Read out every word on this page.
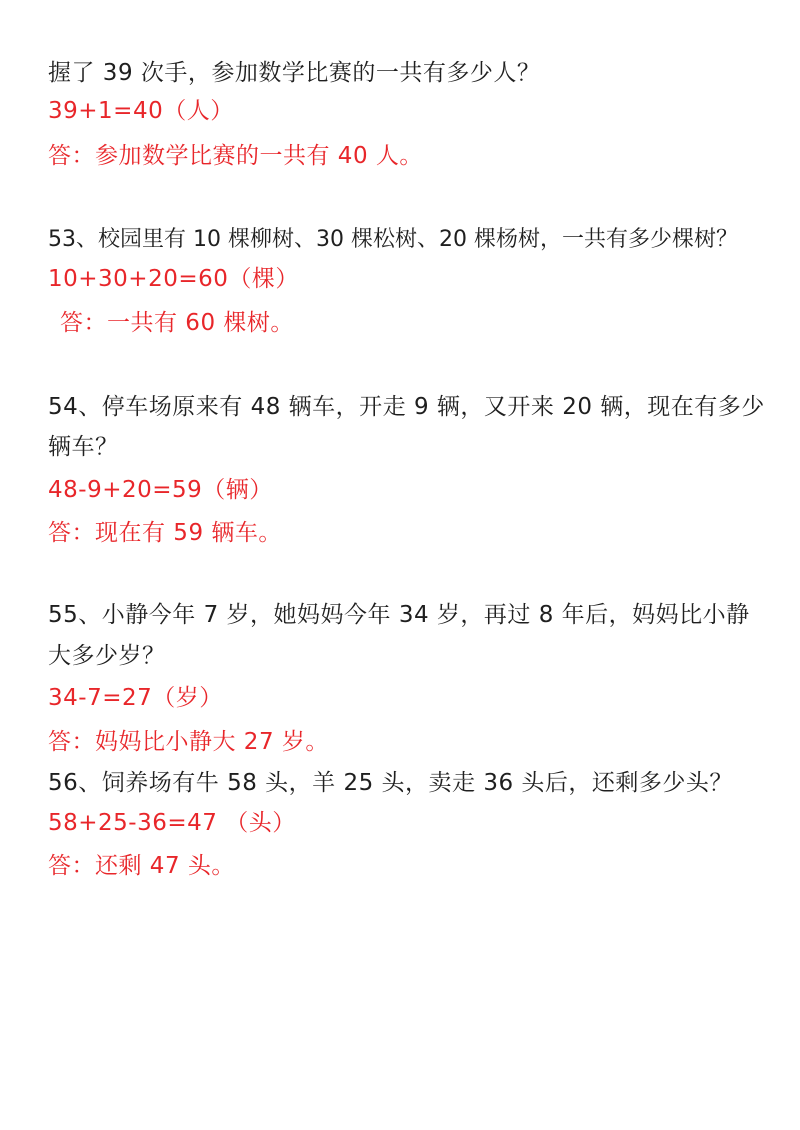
握了 39 次手，参加数学比赛的一共有多少人？
39+1=40（人）
答：参加数学比赛的一共有 40 人。
53、校园里有 10 棵柳树、30 棵松树、20 棵杨树，一共有多少棵树？
10+30+20=60（棵）
答：一共有 60 棵树。
54、停车场原来有 48 辆车，开走 9 辆，又开来 20 辆，现在有多少
辆车？
48-9+20=59（辆）
答：现在有 59 辆车。
55、小静今年 7 岁，她妈妈今年 34 岁，再过 8 年后，妈妈比小静
大多少岁？
34-7=27（岁）
答：妈妈比小静大 27 岁。
56、饲养场有牛 58 头，羊 25 头，卖走 36 头后，还剩多少头？
58+25-36=47 （头）
答：还剩 47 头。
